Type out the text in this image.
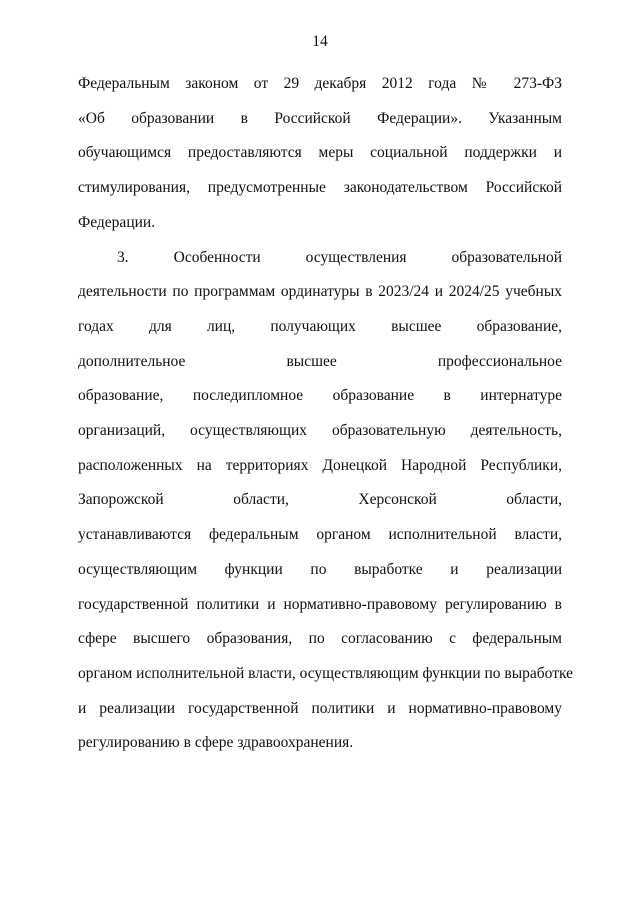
14
Федеральным законом от 29 декабря 2012 года № 273-ФЗ
«Об образовании в Российской Федерации». Указанным
обучающимся предоставляются меры социальной поддержки и
стимулирования, предусмотренные законодательством Российской
Федерации.
3. Особенности осуществления образовательной
деятельности по программам ординатуры в 2023/24 и 2024/25 учебных
годах для лиц, получающих высшее образование,
дополнительное высшее профессиональное
образование, последипломное образование в интернатуре
организаций, осуществляющих образовательную деятельность,
расположенных на территориях Донецкой Народной Республики,
Запорожской области, Херсонской области,
устанавливаются федеральным органом исполнительной власти,
осуществляющим функции по выработке и реализации
государственной политики и нормативно-правовому регулированию в
сфере высшего образования, по согласованию с федеральным
органом исполнительной власти, осуществляющим функции по выработке
и реализации государственной политики и нормативно-правовому
регулированию в сфере здравоохранения.
